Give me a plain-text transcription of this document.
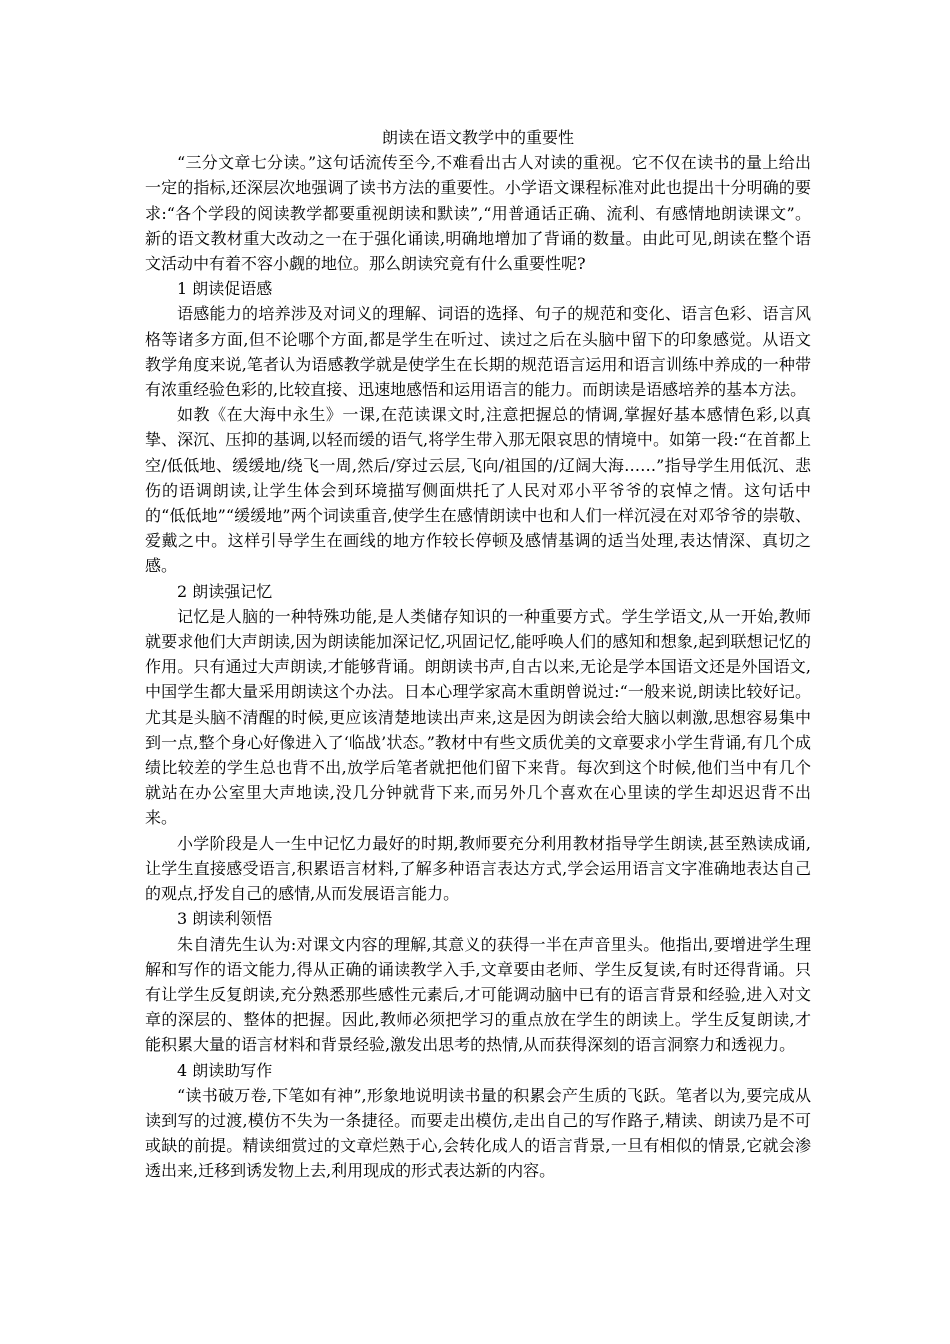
朗读在语文教学中的重要性

“三分文章七分读。”这句话流传至今,不难看出古人对读的重视。它不仅在读书的量上给出一定的指标,还深层次地强调了读书方法的重要性。小学语文课程标准对此也提出十分明确的要求:“各个学段的阅读教学都要重视朗读和默读”,“用普通话正确、流利、有感情地朗读课文”。新的语文教材重大改动之一在于强化诵读,明确地增加了背诵的数量。由此可见,朗读在整个语文活动中有着不容小觑的地位。那么朗读究竟有什么重要性呢?

1 朗读促语感

语感能力的培养涉及对词义的理解、词语的选择、句子的规范和变化、语言色彩、语言风格等诸多方面,但不论哪个方面,都是学生在听过、读过之后在头脑中留下的印象感觉。从语文教学角度来说,笔者认为语感教学就是使学生在长期的规范语言运用和语言训练中养成的一种带有浓重经验色彩的,比较直接、迅速地感悟和运用语言的能力。而朗读是语感培养的基本方法。

如教《在大海中永生》一课,在范读课文时,注意把握总的情调,掌握好基本感情色彩,以真挚、深沉、压抑的基调,以轻而缓的语气,将学生带入那无限哀思的情境中。如第一段:“在首都上空/低低地、缓缓地/绕飞一周,然后/穿过云层,飞向/祖国的/辽阔大海……”指导学生用低沉、悲伤的语调朗读,让学生体会到环境描写侧面烘托了人民对邓小平爷爷的哀悼之情。这句话中的“低低地”“缓缓地”两个词读重音,使学生在感情朗读中也和人们一样沉浸在对邓爷爷的崇敬、爱戴之中。这样引导学生在画线的地方作较长停顿及感情基调的适当处理,表达情深、真切之感。

2 朗读强记忆

记忆是人脑的一种特殊功能,是人类储存知识的一种重要方式。学生学语文,从一开始,教师就要求他们大声朗读,因为朗读能加深记忆,巩固记忆,能呼唤人们的感知和想象,起到联想记忆的作用。只有通过大声朗读,才能够背诵。朗朗读书声,自古以来,无论是学本国语文还是外国语文,中国学生都大量采用朗读这个办法。日本心理学家高木重朗曾说过:“一般来说,朗读比较好记。尤其是头脑不清醒的时候,更应该清楚地读出声来,这是因为朗读会给大脑以刺激,思想容易集中到一点,整个身心好像进入了‘临战’状态。”教材中有些文质优美的文章要求小学生背诵,有几个成绩比较差的学生总也背不出,放学后笔者就把他们留下来背。每次到这个时候,他们当中有几个就站在办公室里大声地读,没几分钟就背下来,而另外几个喜欢在心里读的学生却迟迟背不出来。

小学阶段是人一生中记忆力最好的时期,教师要充分利用教材指导学生朗读,甚至熟读成诵,让学生直接感受语言,积累语言材料,了解多种语言表达方式,学会运用语言文字准确地表达自己的观点,抒发自己的感情,从而发展语言能力。

3 朗读利领悟

朱自清先生认为:对课文内容的理解,其意义的获得一半在声音里头。他指出,要增进学生理解和写作的语文能力,得从正确的诵读教学入手,文章要由老师、学生反复读,有时还得背诵。只有让学生反复朗读,充分熟悉那些感性元素后,才可能调动脑中已有的语言背景和经验,进入对文章的深层的、整体的把握。因此,教师必须把学习的重点放在学生的朗读上。学生反复朗读,才能积累大量的语言材料和背景经验,激发出思考的热情,从而获得深刻的语言洞察力和透视力。

4 朗读助写作

“读书破万卷,下笔如有神”,形象地说明读书量的积累会产生质的飞跃。笔者以为,要完成从读到写的过渡,模仿不失为一条捷径。而要走出模仿,走出自己的写作路子,精读、朗读乃是不可或缺的前提。精读细赏过的文章烂熟于心,会转化成人的语言背景,一旦有相似的情景,它就会渗透出来,迁移到诱发物上去,利用现成的形式表达新的内容。
